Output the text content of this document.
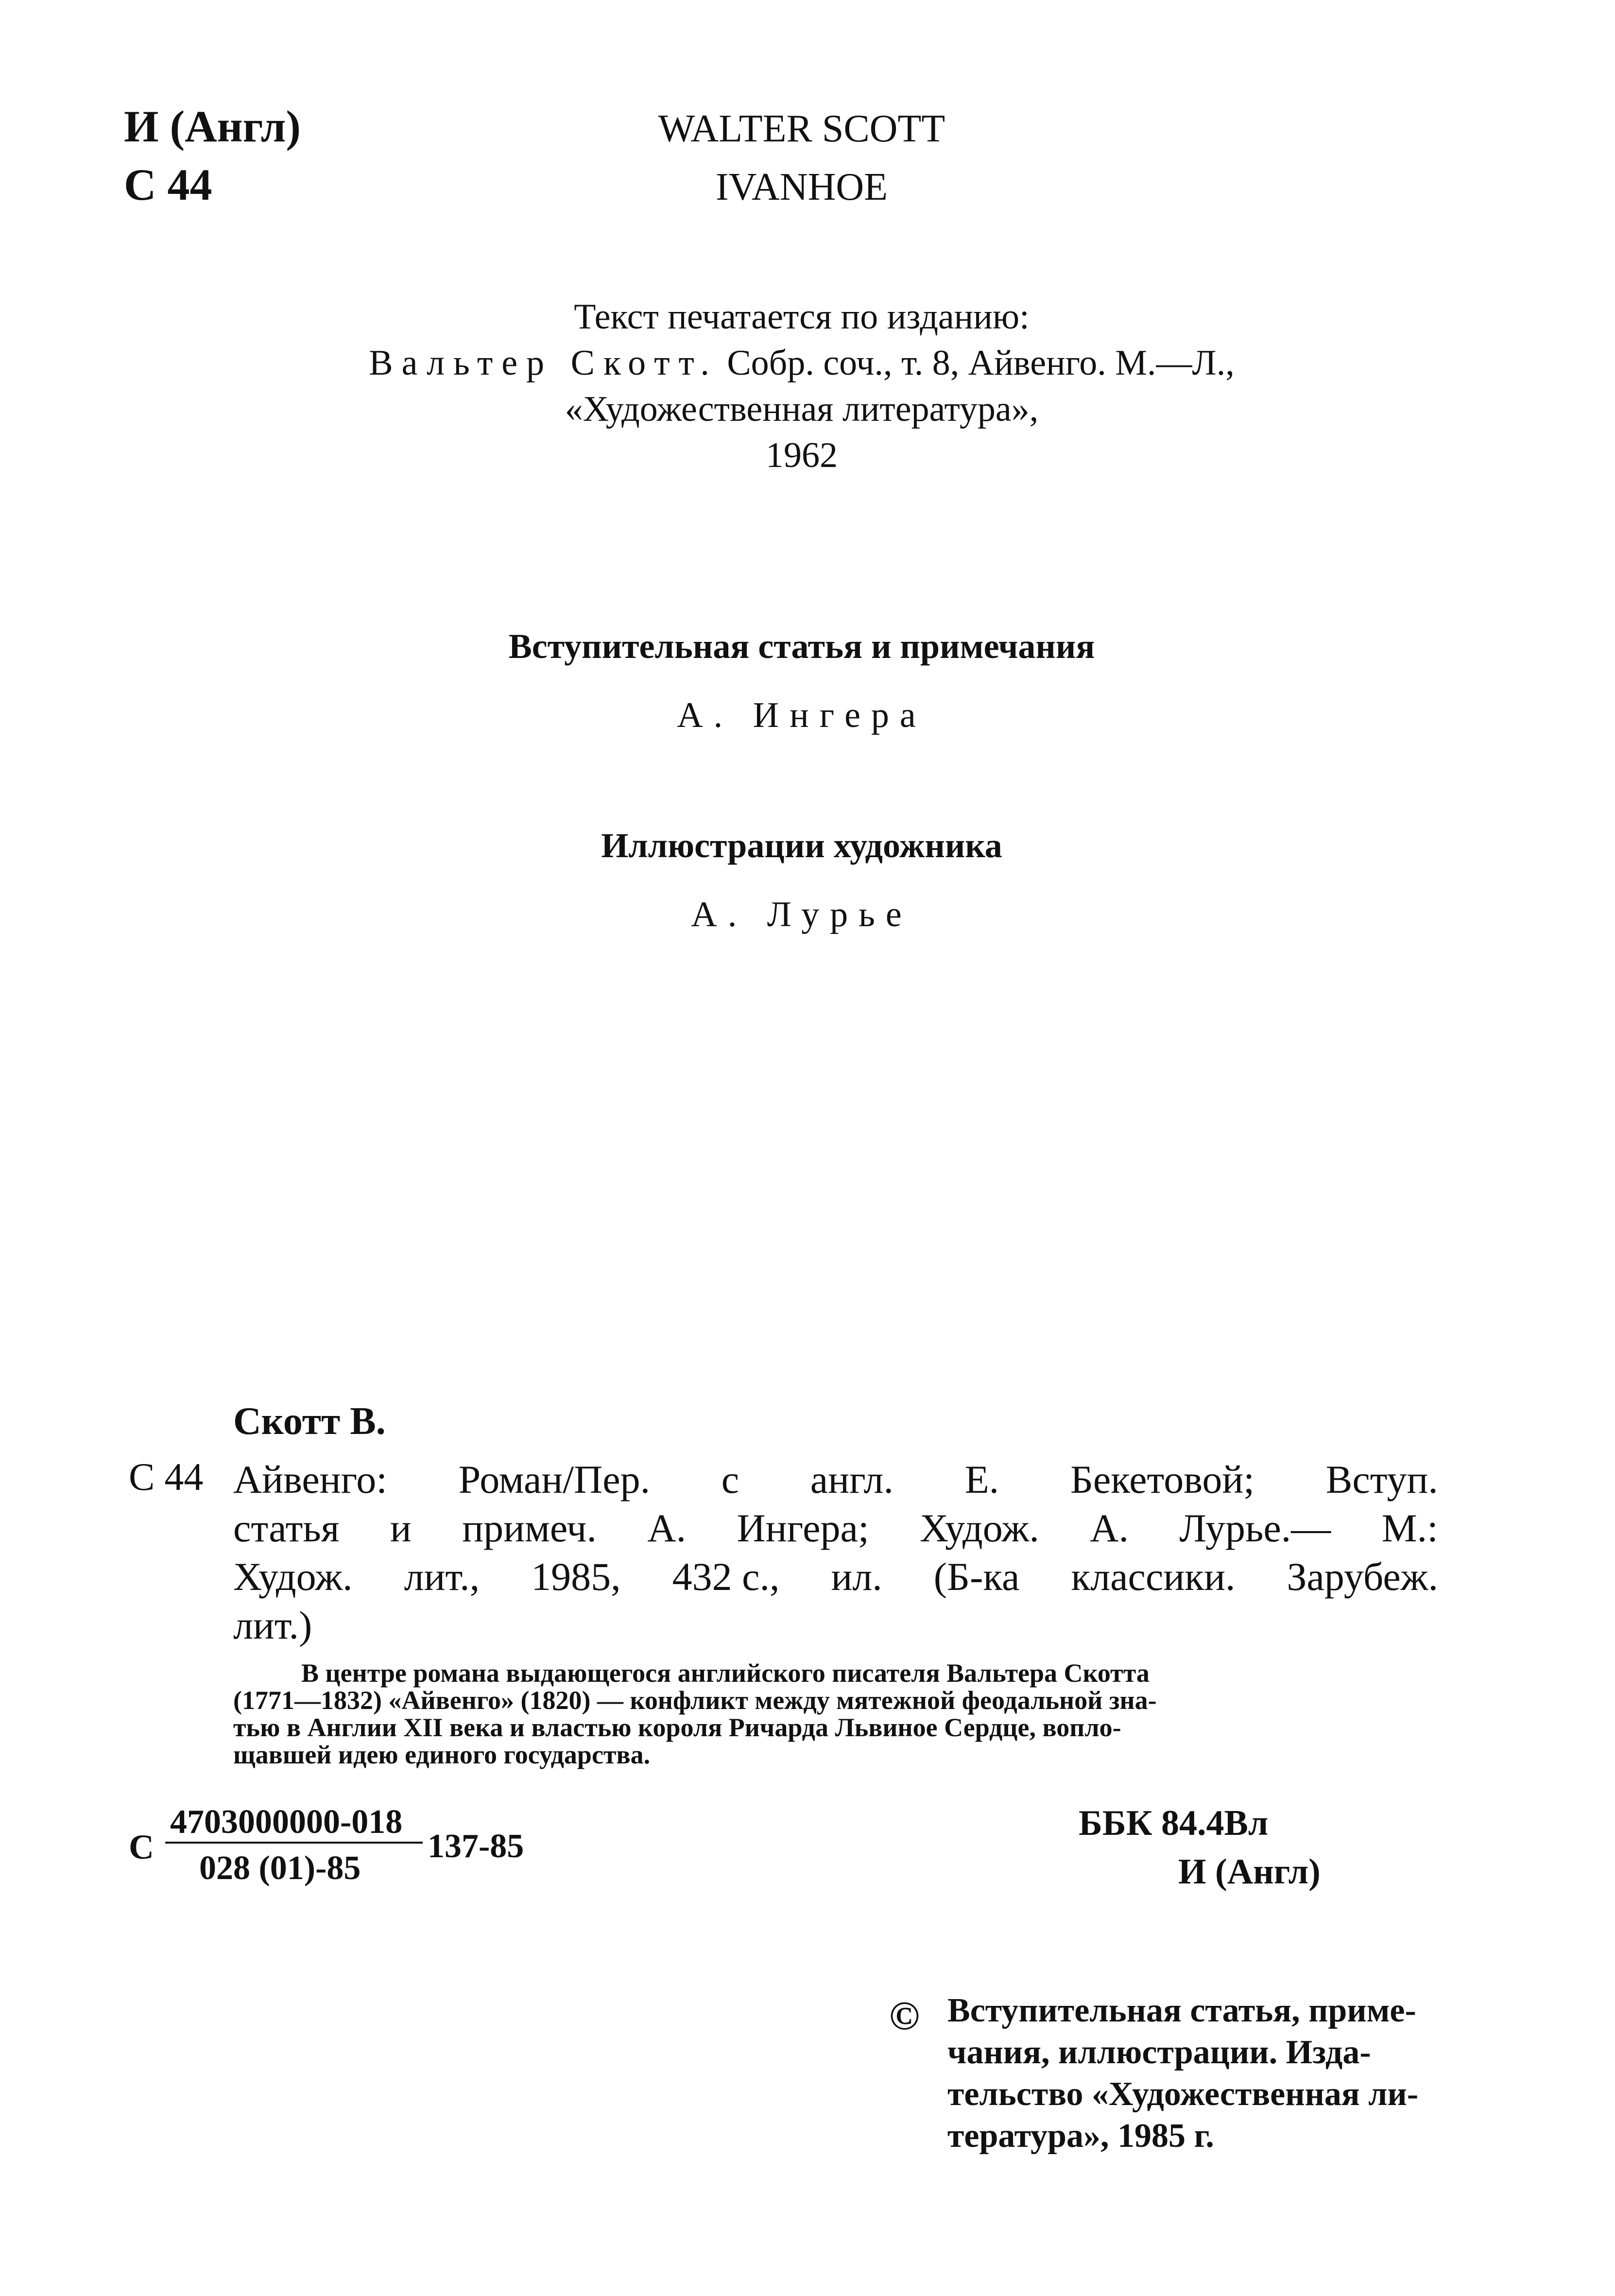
И (Англ)
С 44
WALTER SCOTT
IVANHOE
Текст печатается по изданию:
Вальтер Скотт. Собр. соч., т. 8, Айвенго. М.—Л.,
«Художественная литература»,
1962
Вступительная статья и примечания
А. Ингера
Иллюстрации художника
А. Лурье
Скотт В.
С 44 Айвенго: Роман/Пер. с англ. Е. Бекетовой; Вступ.
статья и примеч. А. Ингера; Худож. А. Лурье.— М.:
Худож. лит., 1985, 432 с., ил. (Б-ка классики. Зарубеж.
лит.)
В центре романа выдающегося английского писателя Вальтера Скотта
(1771—1832) «Айвенго» (1820) — конфликт между мятежной феодальной зна-
тью в Англии XII века и властью короля Ричарда Львиное Сердце, вопло-
щавшей идею единого государства.
С
4703000000-018
028 (01)-85
137-85
ББК 84.4Вл
И (Англ)
© Вступительная статья, приме-
чания, иллюстрации. Изда-
тельство «Художественная ли-
тература», 1985 г.
